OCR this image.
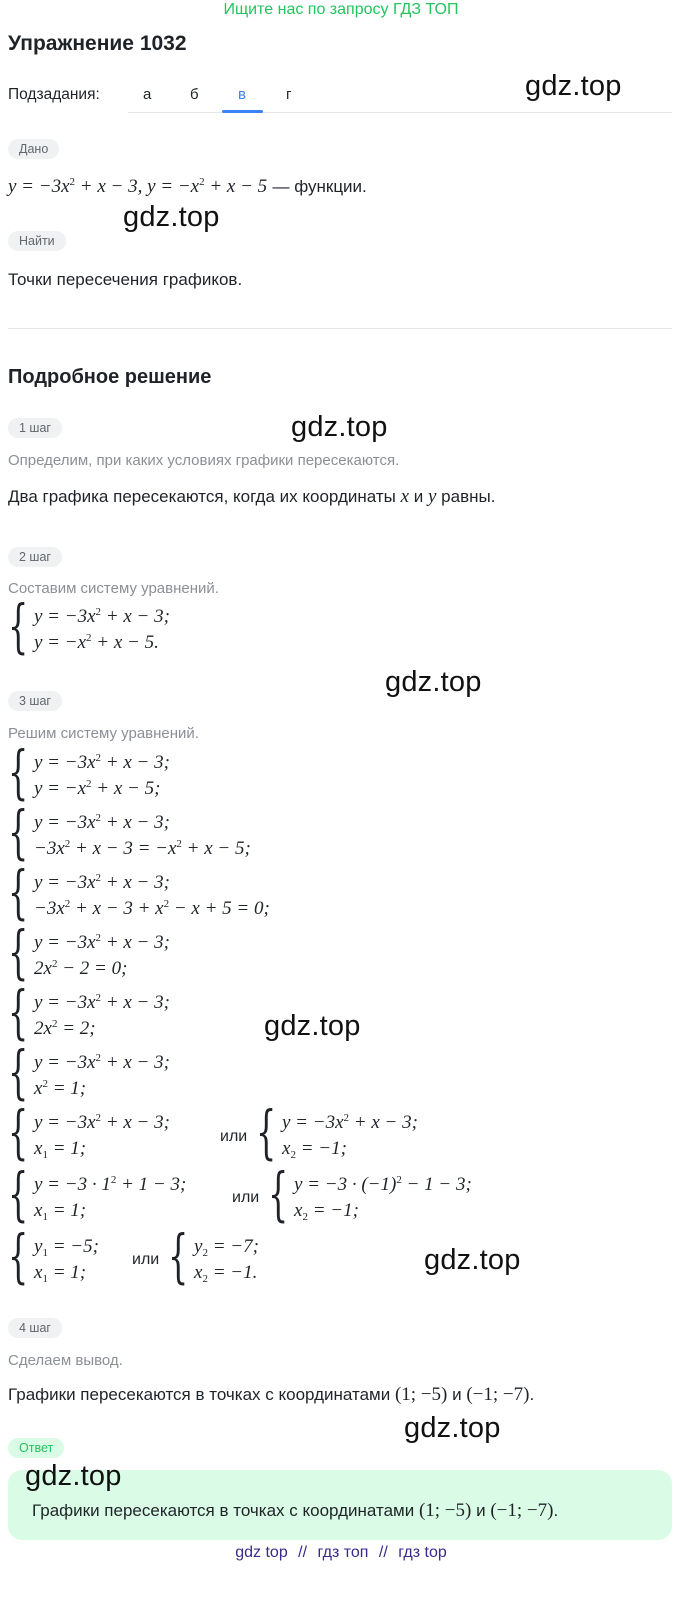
Ищите нас по запросу ГДЗ ТОП
Упражнение 1032
Подзадания:	а	б	в	г	gdz.top
gdz.top
gdz.top
gdz.top
gdz.top
gdz.top
gdz.top
Дано
$y = -3x^2 + x - 3$, $y = -x^2 + x - 5$ — функции.
Найти
Точки пересечения графиков.
Подробное решение
1 шаг
Определим, при каких условиях графики пересекаются.
Два графика пересекаются, когда их координаты x и y равны.
2 шаг
Составим систему уравнений.
{ $y = -3x^2 + x - 3$;
$y = -x^2 + x - 5$.
3 шаг
Решим систему уравнений.
{ $y = -3x^2 + x - 3$;
$y = -x^2 + x - 5$;
{ $y = -3x^2 + x - 3$;
$-3x^2 + x - 3 = -x^2 + x - 5$;
{ $y = -3x^2 + x - 3$;
$-3x^2 + x - 3 + x^2 - x + 5 = 0$;
{ $y = -3x^2 + x - 3$;
$2x^2 - 2 = 0$;
{ $y = -3x^2 + x - 3$;
$2x^2 = 2$;
{ $y = -3x^2 + x - 3$;
$x^2 = 1$;
{ $y = -3x^2 + x - 3$;
$x_1 = 1$;
или { $y = -3x^2 + x - 3$;
$x_2 = -1$;
{ $y = -3 \cdot 1^2 + 1 - 3$;
$x_1 = 1$;
или { $y = -3 \cdot (-1)^2 - 1 - 3$;
$x_2 = -1$;
{ $y_1 = -5$;
$x_1 = 1$;
или { $y_2 = -7$;
$x_2 = -1$.
4 шаг
Сделаем вывод.
Графики пересекаются в точках с координатами (1; −5) и (−1; −7).
Ответ
gdz.top
Графики пересекаются в точках с координатами (1; −5) и (−1; −7).
gdz top // гдз топ // гдз top
